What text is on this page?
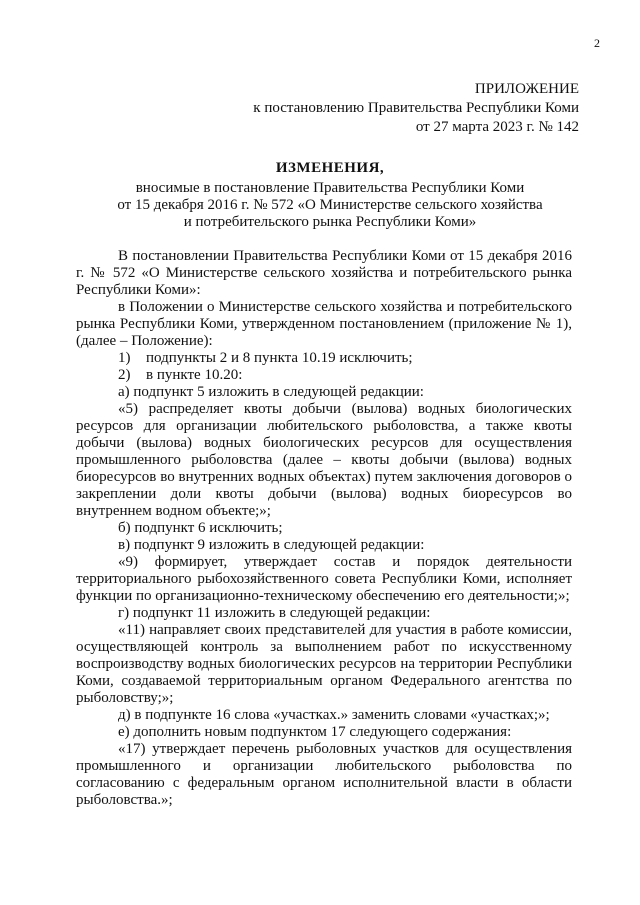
2
ПРИЛОЖЕНИЕ
к постановлению Правительства Республики Коми
от 27 марта 2023 г. № 142
ИЗМЕНЕНИЯ,
вносимые в постановление Правительства Республики Коми
от 15 декабря 2016 г. № 572 «О Министерстве сельского хозяйства
и потребительского рынка Республики Коми»

В постановлении Правительства Республики Коми от 15 декабря 2016 г. № 572 «О Министерстве сельского хозяйства и потребительского рынка Республики Коми»:

в Положении о Министерстве сельского хозяйства и потребительского рынка Республики Коми, утвержденном постановлением (приложение № 1), (далее – Положение):

1)	подпункты 2 и 8 пункта 10.19 исключить;
2)	в пункте 10.20:

а) подпункт 5 изложить в следующей редакции:

«5) распределяет квоты добычи (вылова) водных биологических ресурсов для организации любительского рыболовства, а также квоты добычи (вылова) водных биологических ресурсов для осуществления промышленного рыболовства (далее – квоты добычи (вылова) водных биоресурсов во внутренних водных объектах) путем заключения договоров о закреплении доли квоты добычи (вылова) водных биоресурсов во внутреннем водном объекте;»;

б) подпункт 6 исключить;

в) подпункт 9 изложить в следующей редакции:

«9) формирует, утверждает состав и порядок деятельности территориального рыбохозяйственного совета Республики Коми, исполняет функции по организационно-техническому обеспечению его деятельности;»;

г) подпункт 11 изложить в следующей редакции:

«11) направляет своих представителей для участия в работе комиссии, осуществляющей контроль за выполнением работ по искусственному воспроизводству водных биологических ресурсов на территории Республики Коми, создаваемой территориальным органом Федерального агентства по рыболовству;»;

д) в подпункте 16 слова «участках.» заменить словами «участках;»;

е) дополнить новым подпунктом 17 следующего содержания:

«17) утверждает перечень рыболовных участков для осуществления промышленного и организации любительского рыболовства по согласованию с федеральным органом исполнительной власти в области рыболовства.»;
